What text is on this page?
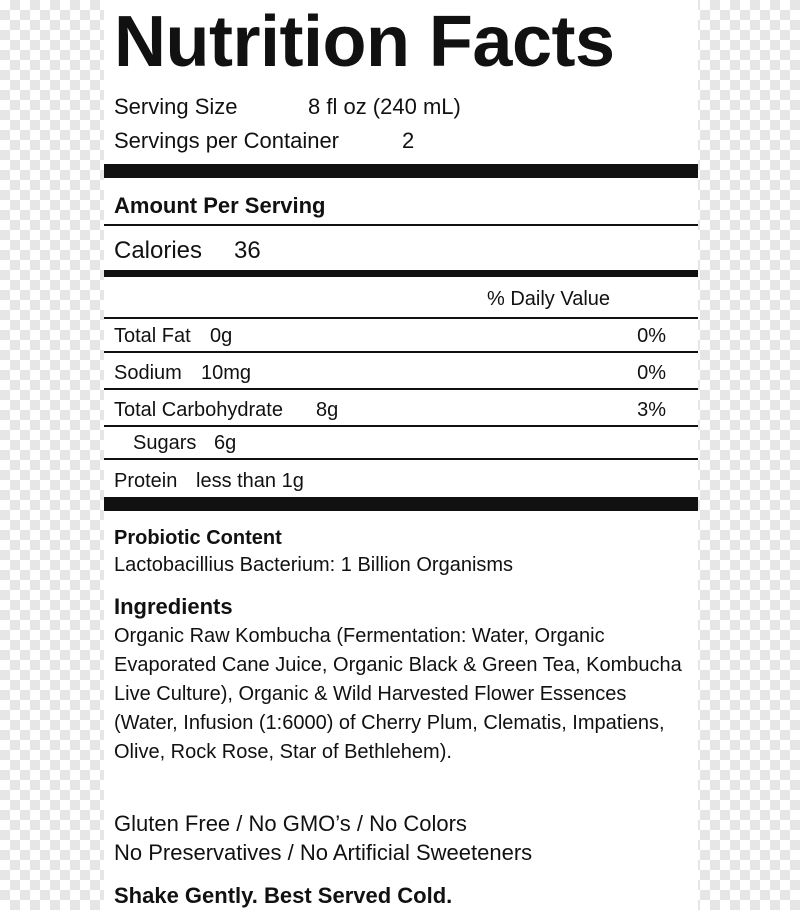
Nutrition Facts
Serving Size	8 fl oz (240 mL)
Servings per Container	2
Amount Per Serving
Calories 36
% Daily Value
Total Fat 0g	0%
Sodium 10mg	0%
Total Carbohydrate 8g	3%
Sugars 6g
Protein less than 1g
Probiotic Content
Lactobacillius Bacterium: 1 Billion Organisms
Ingredients
Organic Raw Kombucha (Fermentation: Water, Organic Evaporated Cane Juice, Organic Black & Green Tea, Kombucha Live Culture), Organic & Wild Harvested Flower Essences (Water, Infusion (1:6000) of Cherry Plum, Clematis, Impatiens, Olive, Rock Rose, Star of Bethlehem).
Gluten Free / No GMO’s / No Colors
No Preservatives / No Artificial Sweeteners
Shake Gently. Best Served Cold.
